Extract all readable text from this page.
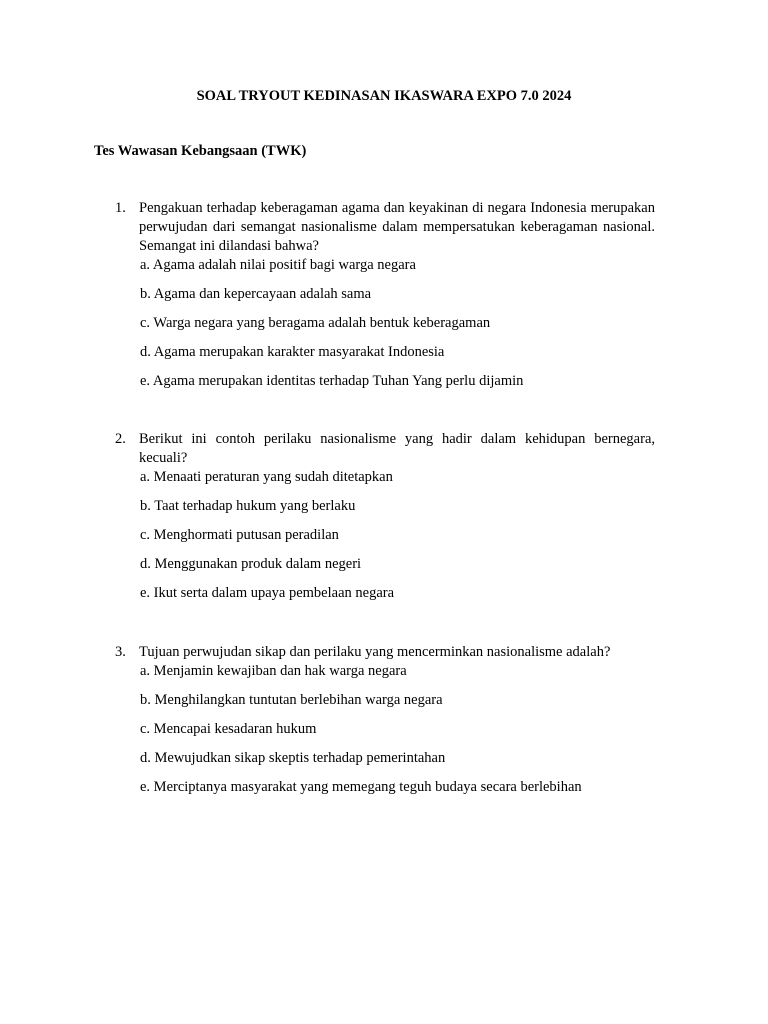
SOAL TRYOUT KEDINASAN IKASWARA EXPO 7.0 2024
Tes Wawasan Kebangsaan (TWK)
1. Pengakuan terhadap keberagaman agama dan keyakinan di negara Indonesia merupakan perwujudan dari semangat nasionalisme dalam mempersatukan keberagaman nasional. Semangat ini dilandasi bahwa?
a. Agama adalah nilai positif bagi warga negara
b. Agama dan kepercayaan adalah sama
c. Warga negara yang beragama adalah bentuk keberagaman
d. Agama merupakan karakter masyarakat Indonesia
e. Agama merupakan identitas terhadap Tuhan Yang perlu dijamin
2. Berikut ini contoh perilaku nasionalisme yang hadir dalam kehidupan bernegara, kecuali?
a. Menaati peraturan yang sudah ditetapkan
b. Taat terhadap hukum yang berlaku
c. Menghormati putusan peradilan
d. Menggunakan produk dalam negeri
e. Ikut serta dalam upaya pembelaan negara
3. Tujuan perwujudan sikap dan perilaku yang mencerminkan nasionalisme adalah?
a. Menjamin kewajiban dan hak warga negara
b. Menghilangkan tuntutan berlebihan warga negara
c. Mencapai kesadaran hukum
d. Mewujudkan sikap skeptis terhadap pemerintahan
e. Merciptanya masyarakat yang memegang teguh budaya secara berlebihan
